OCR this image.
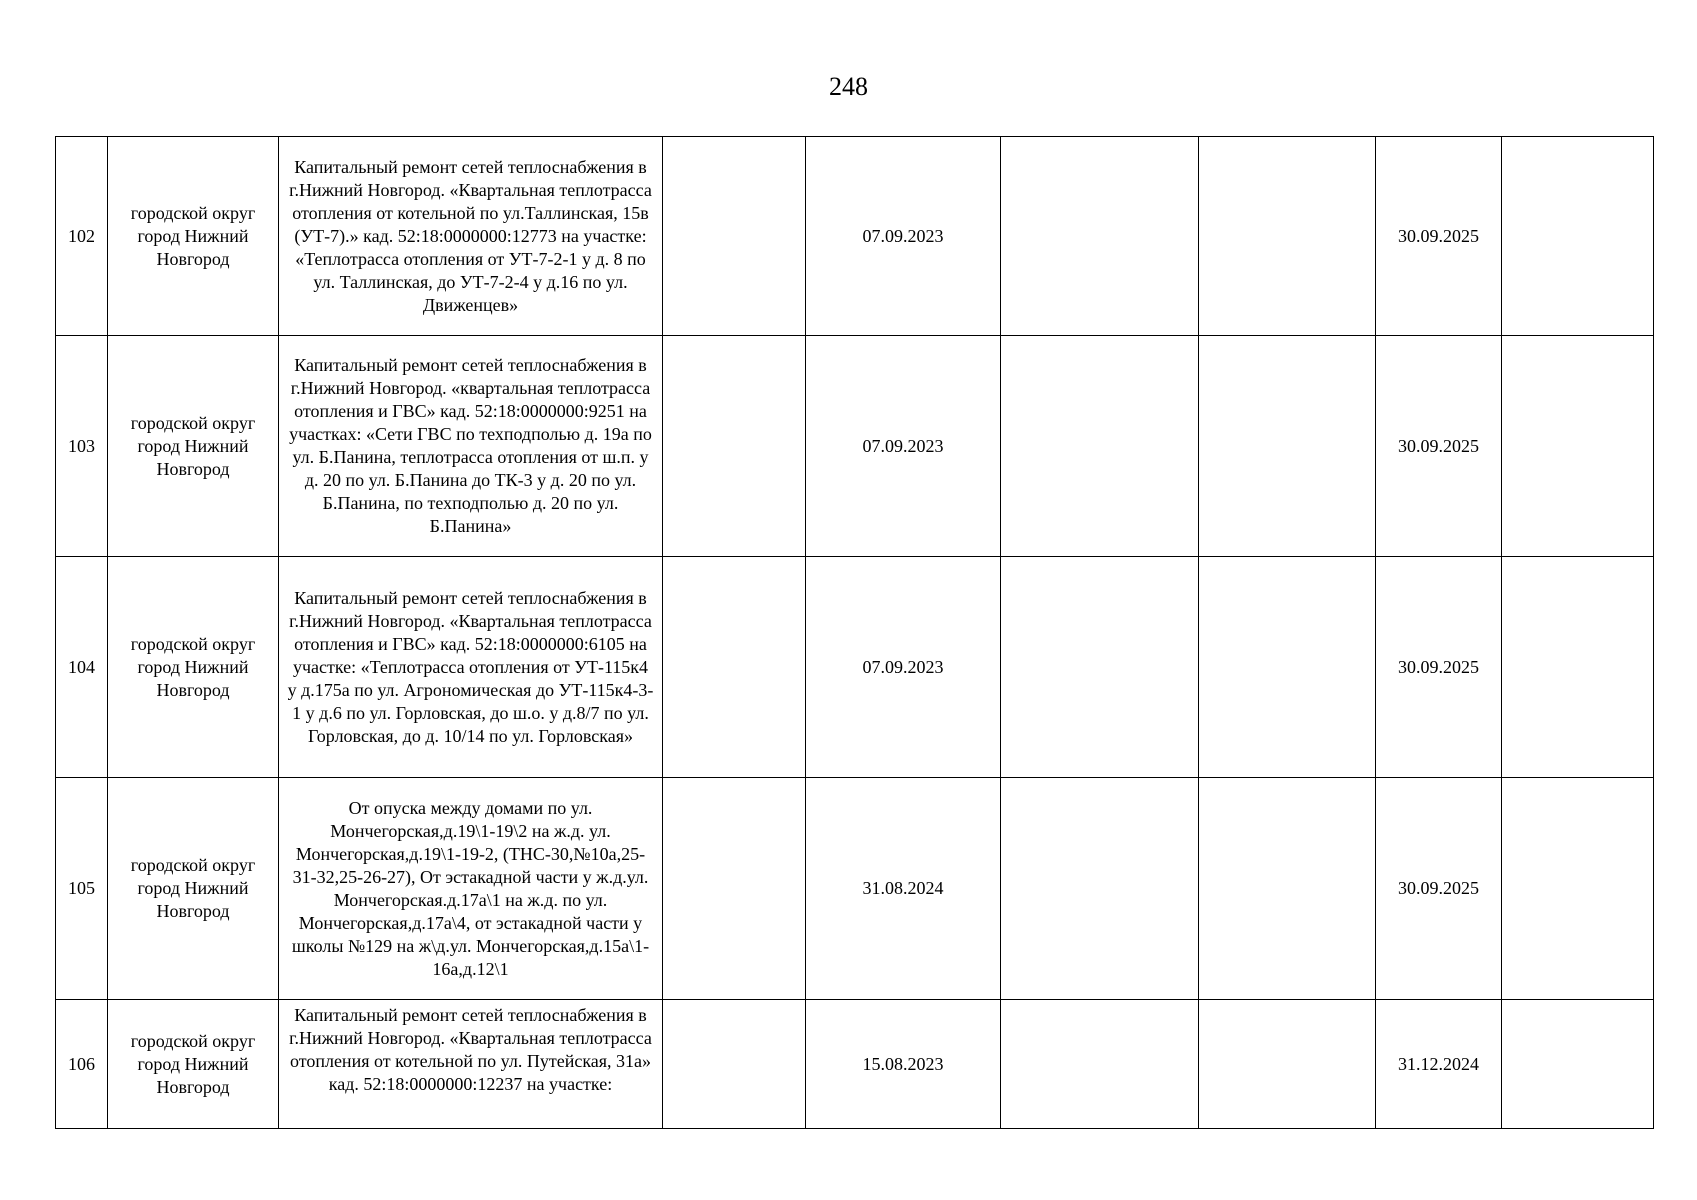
248
102	городской округ город Нижний Новгород	Капитальный ремонт сетей теплоснабжения в г.Нижний Новгород. «Квартальная теплотрасса отопления от котельной по ул.Таллинская, 15в (УТ-7).» кад. 52:18:0000000:12773 на участке: «Теплотрасса отопления от УТ-7-2-1 у д. 8 по ул. Таллинская, до УТ-7-2-4 у д.16 по ул. Движенцев»		07.09.2023			30.09.2025	
103	городской округ город Нижний Новгород	Капитальный ремонт сетей теплоснабжения в г.Нижний Новгород. «квартальная теплотрасса отопления и ГВС» кад. 52:18:0000000:9251 на участках: «Сети ГВС по техподполью д. 19а по ул. Б.Панина, теплотрасса отопления от ш.п. у д. 20 по ул. Б.Панина до ТК-3 у д. 20 по ул. Б.Панина, по техподполью д. 20 по ул. Б.Панина»		07.09.2023			30.09.2025	
104	городской округ город Нижний Новгород	Капитальный ремонт сетей теплоснабжения в г.Нижний Новгород. «Квартальная теплотрасса отопления и ГВС» кад. 52:18:0000000:6105 на участке: «Теплотрасса отопления от УТ-115к4 у д.175а по ул. Агрономическая до УТ-115к4-3-1 у д.6 по ул. Горловская, до ш.о. у д.8/7 по ул. Горловская, до д. 10/14 по ул. Горловская»		07.09.2023			30.09.2025	
105	городской округ город Нижний Новгород	От опуска между домами по ул. Мончегорская,д.19\1-19\2 на ж.д. ул. Мончегорская,д.19\1-19-2, (ТНС-30,№10а,25-31-32,25-26-27), От эстакадной части у ж.д.ул. Мончегорская.д.17а\1 на ж.д. по ул. Мончегорская,д.17а\4, от эстакадной части у школы №129 на ж\д.ул. Мончегорская,д.15а\1-16а,д.12\1		31.08.2024			30.09.2025	
106	городской округ город Нижний Новгород	Капитальный ремонт сетей теплоснабжения в г.Нижний Новгород. «Квартальная теплотрасса отопления от котельной по ул. Путейская, 31а» кад. 52:18:0000000:12237 на участке:		15.08.2023			31.12.2024	
